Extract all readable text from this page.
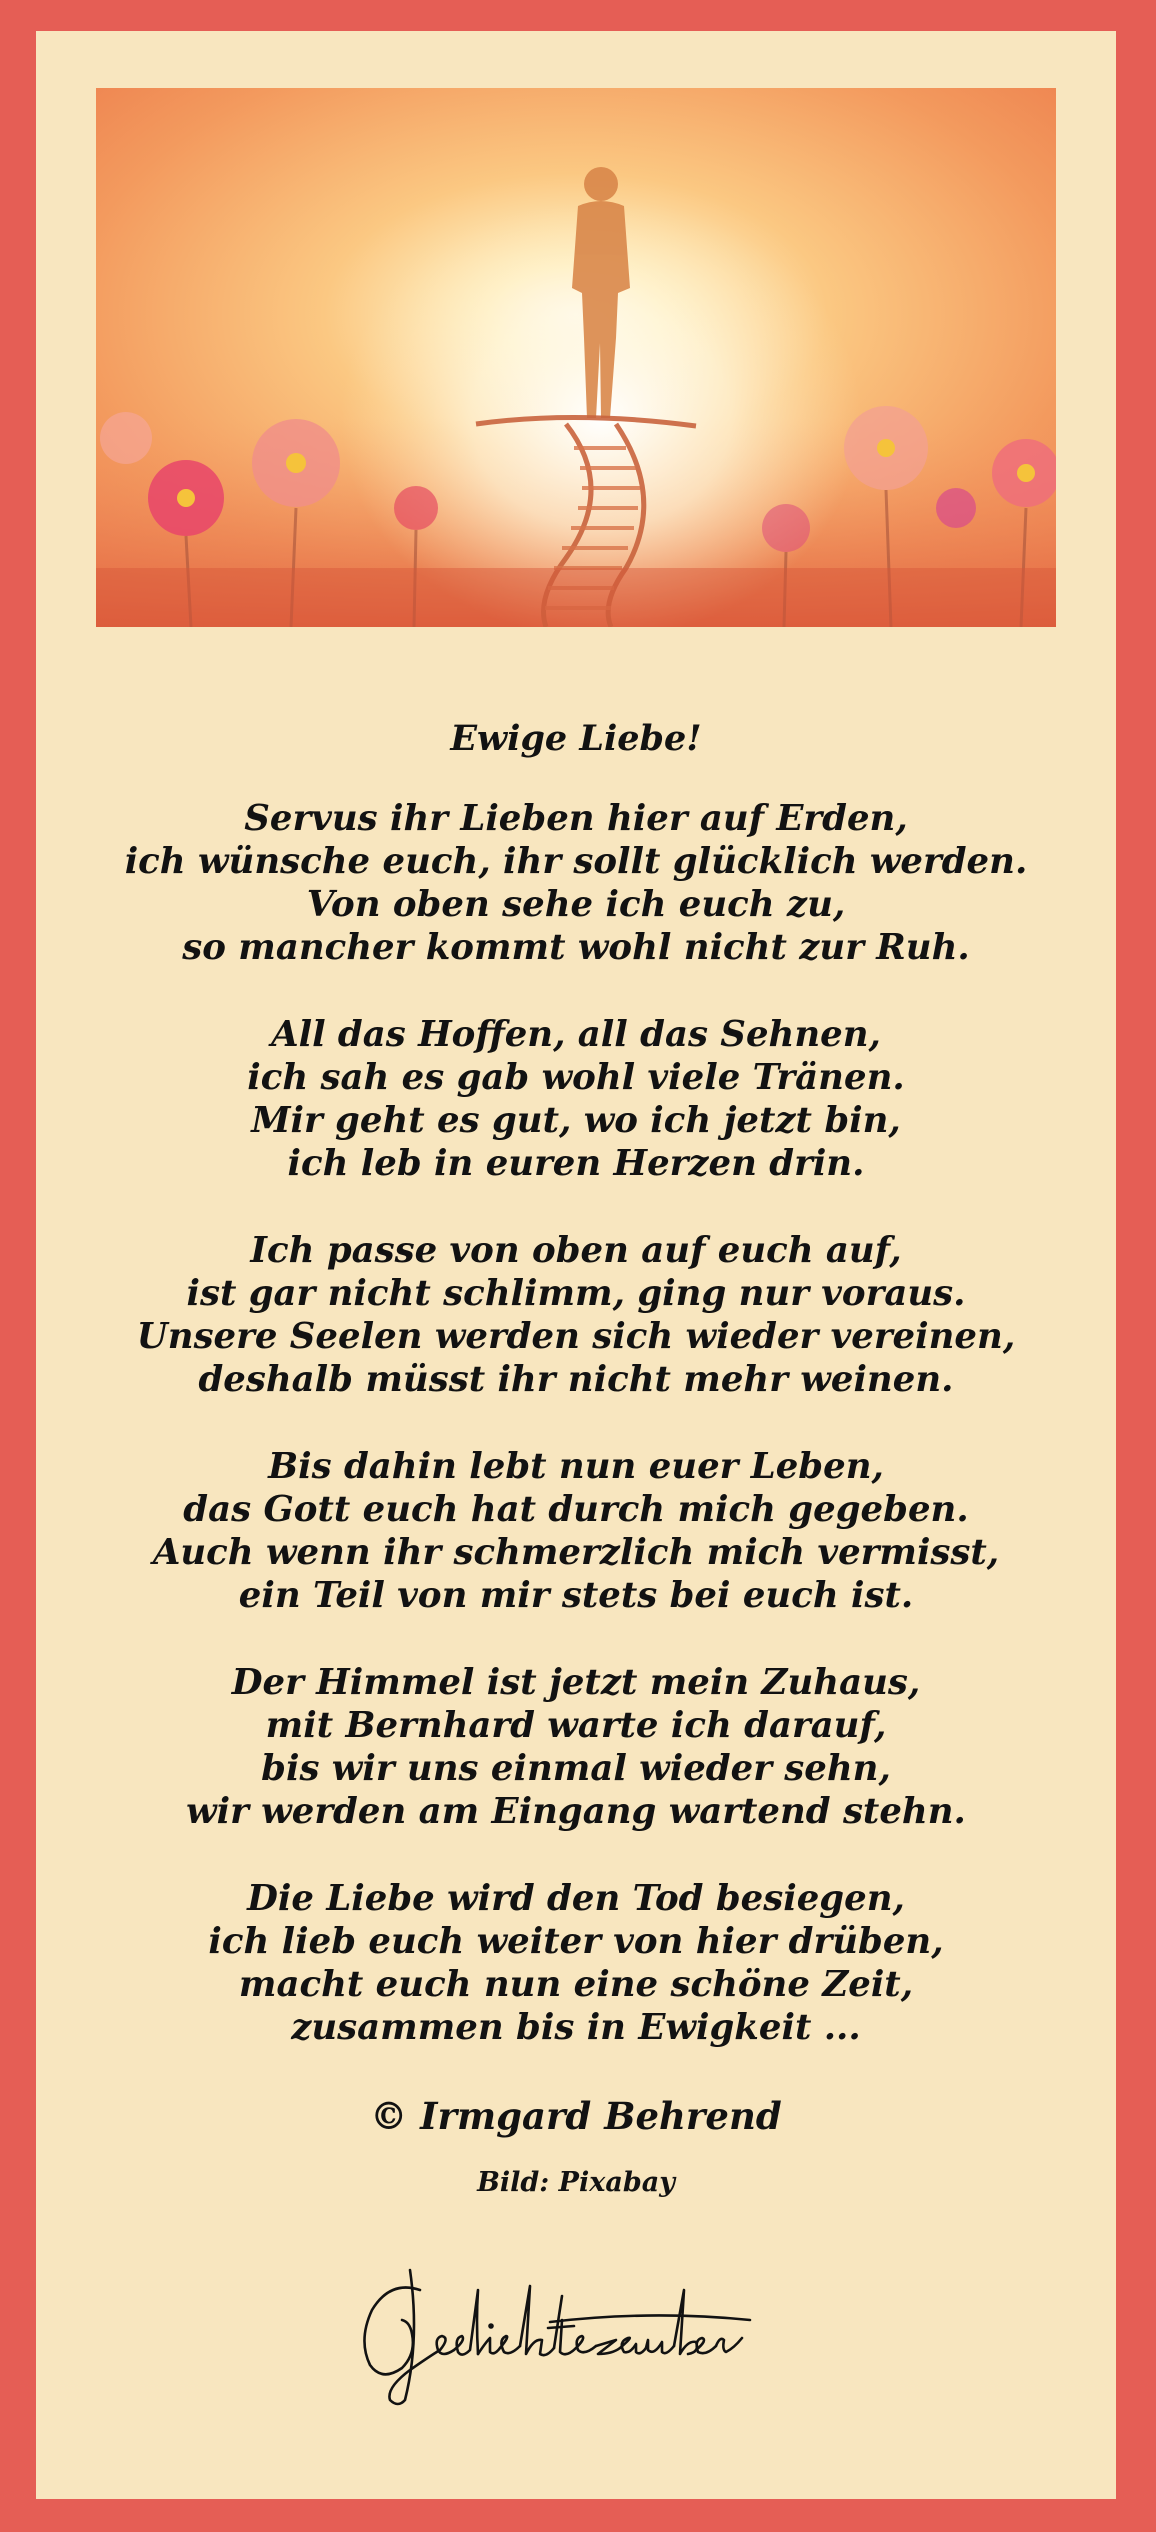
Ewige Liebe!
Servus ihr Lieben hier auf Erden,
ich wünsche euch, ihr sollt glücklich werden.
Von oben sehe ich euch zu,
so mancher kommt wohl nicht zur Ruh.
All das Hoffen, all das Sehnen,
ich sah es gab wohl viele Tränen.
Mir geht es gut, wo ich jetzt bin,
ich leb in euren Herzen drin.
Ich passe von oben auf euch auf,
ist gar nicht schlimm, ging nur voraus.
Unsere Seelen werden sich wieder vereinen,
deshalb müsst ihr nicht mehr weinen.
Bis dahin lebt nun euer Leben,
das Gott euch hat durch mich gegeben.
Auch wenn ihr schmerzlich mich vermisst,
ein Teil von mir stets bei euch ist.
Der Himmel ist jetzt mein Zuhaus,
mit Bernhard warte ich darauf,
bis wir uns einmal wieder sehn,
wir werden am Eingang wartend stehn.
Die Liebe wird den Tod besiegen,
ich lieb euch weiter von hier drüben,
macht euch nun eine schöne Zeit,
zusammen bis in Ewigkeit ...
© Irmgard Behrend
Bild: Pixabay
